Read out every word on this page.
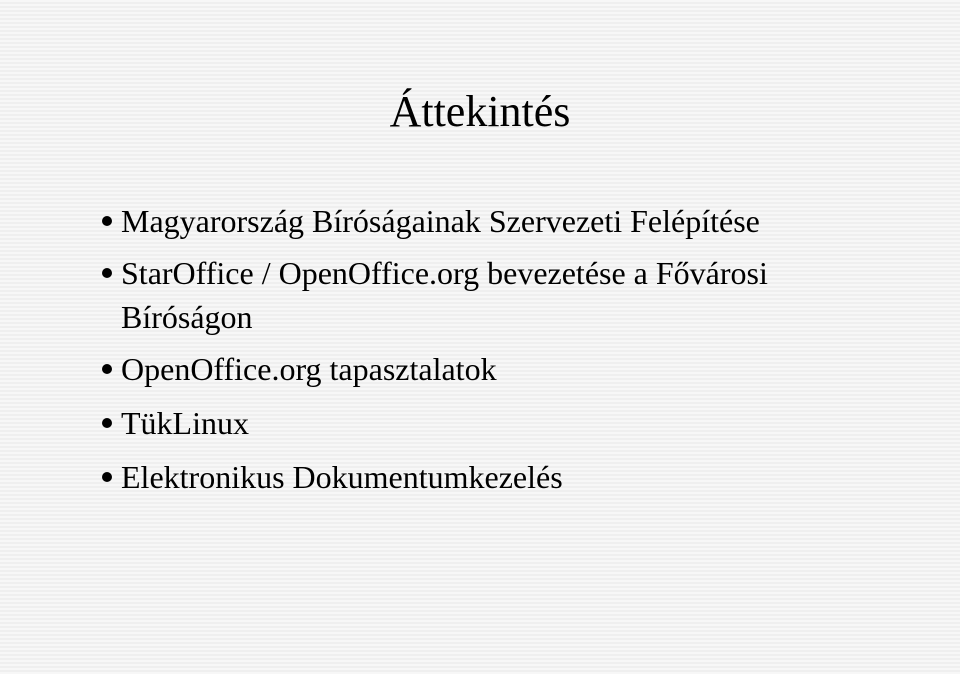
Áttekintés
Magyarország Bíróságainak Szervezeti Felépítése
StarOffice / OpenOffice.org bevezetése a Fővárosi Bíróságon
OpenOffice.org tapasztalatok
TükLinux
Elektronikus Dokumentumkezelés
